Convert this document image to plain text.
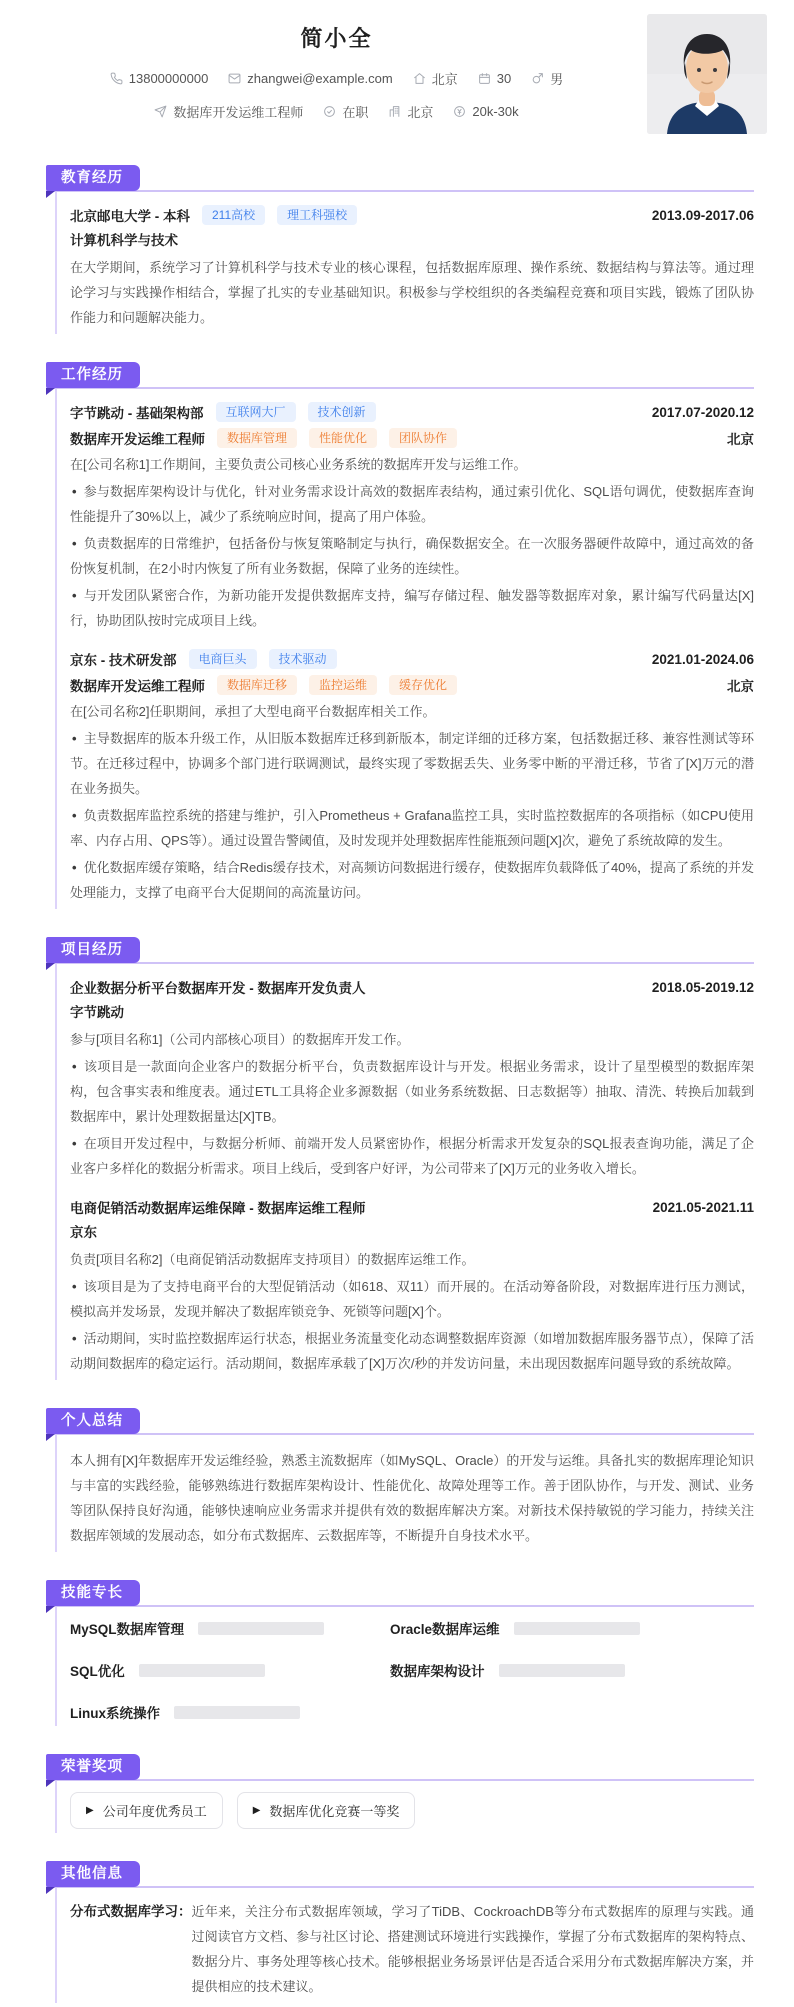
简小全
13800000000	zhangwei@example.com	北京	30	男
数据库开发运维工程师	在职	北京	20k-30k
教育经历
北京邮电大学 - 本科	211高校	理工科强校	2013.09-2017.06
计算机科学与技术

在大学期间，系统学习了计算机科学与技术专业的核心课程，包括数据库原理、操作系统、数据结构与算法等。通过理论学习与实践操作相结合，掌握了扎实的专业基础知识。积极参与学校组织的各类编程竞赛和项目实践，锻炼了团队协作能力和问题解决能力。

工作经历
字节跳动 - 基础架构部	互联网大厂	技术创新	2017.07-2020.12
数据库开发运维工程师	数据库管理	性能优化	团队协作	北京

在[公司名称1]工作期间，主要负责公司核心业务系统的数据库开发与运维工作。

• 参与数据库架构设计与优化，针对业务需求设计高效的数据库表结构，通过索引优化、SQL语句调优，使数据库查询性能提升了30%以上，减少了系统响应时间，提高了用户体验。

• 负责数据库的日常维护，包括备份与恢复策略制定与执行，确保数据安全。在一次服务器硬件故障中，通过高效的备份恢复机制，在2小时内恢复了所有业务数据，保障了业务的连续性。

• 与开发团队紧密合作，为新功能开发提供数据库支持，编写存储过程、触发器等数据库对象，累计编写代码量达[X]行，协助团队按时完成项目上线。

京东 - 技术研发部	电商巨头	技术驱动	2021.01-2024.06
数据库开发运维工程师	数据库迁移	监控运维	缓存优化	北京

在[公司名称2]任职期间，承担了大型电商平台数据库相关工作。

• 主导数据库的版本升级工作，从旧版本数据库迁移到新版本，制定详细的迁移方案，包括数据迁移、兼容性测试等环节。在迁移过程中，协调多个部门进行联调测试，最终实现了零数据丢失、业务零中断的平滑迁移，节省了[X]万元的潜在业务损失。

• 负责数据库监控系统的搭建与维护，引入Prometheus + Grafana监控工具，实时监控数据库的各项指标（如CPU使用率、内存占用、QPS等）。通过设置告警阈值，及时发现并处理数据库性能瓶颈问题[X]次，避免了系统故障的发生。

• 优化数据库缓存策略，结合Redis缓存技术，对高频访问数据进行缓存，使数据库负载降低了40%，提高了系统的并发处理能力，支撑了电商平台大促期间的高流量访问。

项目经历
企业数据分析平台数据库开发 - 数据库开发负责人	2018.05-2019.12
字节跳动

参与[项目名称1]（公司内部核心项目）的数据库开发工作。

• 该项目是一款面向企业客户的数据分析平台，负责数据库设计与开发。根据业务需求，设计了星型模型的数据库架构，包含事实表和维度表。通过ETL工具将企业多源数据（如业务系统数据、日志数据等）抽取、清洗、转换后加载到数据库中，累计处理数据量达[X]TB。

• 在项目开发过程中，与数据分析师、前端开发人员紧密协作，根据分析需求开发复杂的SQL报表查询功能，满足了企业客户多样化的数据分析需求。项目上线后，受到客户好评，为公司带来了[X]万元的业务收入增长。

电商促销活动数据库运维保障 - 数据库运维工程师	2021.05-2021.11
京东

负责[项目名称2]（电商促销活动数据库支持项目）的数据库运维工作。

• 该项目是为了支持电商平台的大型促销活动（如618、双11）而开展的。在活动筹备阶段，对数据库进行压力测试，模拟高并发场景，发现并解决了数据库锁竞争、死锁等问题[X]个。

• 活动期间，实时监控数据库运行状态，根据业务流量变化动态调整数据库资源（如增加数据库服务器节点），保障了活动期间数据库的稳定运行。活动期间，数据库承载了[X]万次/秒的并发访问量，未出现因数据库问题导致的系统故障。

个人总结

本人拥有[X]年数据库开发运维经验，熟悉主流数据库（如MySQL、Oracle）的开发与运维。具备扎实的数据库理论知识与丰富的实践经验，能够熟练进行数据库架构设计、性能优化、故障处理等工作。善于团队协作，与开发、测试、业务等团队保持良好沟通，能够快速响应业务需求并提供有效的数据库解决方案。对新技术保持敏锐的学习能力，持续关注数据库领域的发展动态，如分布式数据库、云数据库等，不断提升自身技术水平。

技能专长
MySQL数据库管理	Oracle数据库运维
SQL优化	数据库架构设计
Linux系统操作
荣誉奖项
▶ 公司年度优秀员工	▶ 数据库优化竞赛一等奖
其他信息
分布式数据库学习： 近年来，关注分布式数据库领域，学习了TiDB、CockroachDB等分布式数据库的原理与实践。通过阅读官方文档、参与社区讨论、搭建测试环境进行实践操作，掌握了分布式数据库的架构特点、数据分片、事务处理等核心技术。能够根据业务场景评估是否适合采用分布式数据库解决方案，并提供相应的技术建议。
